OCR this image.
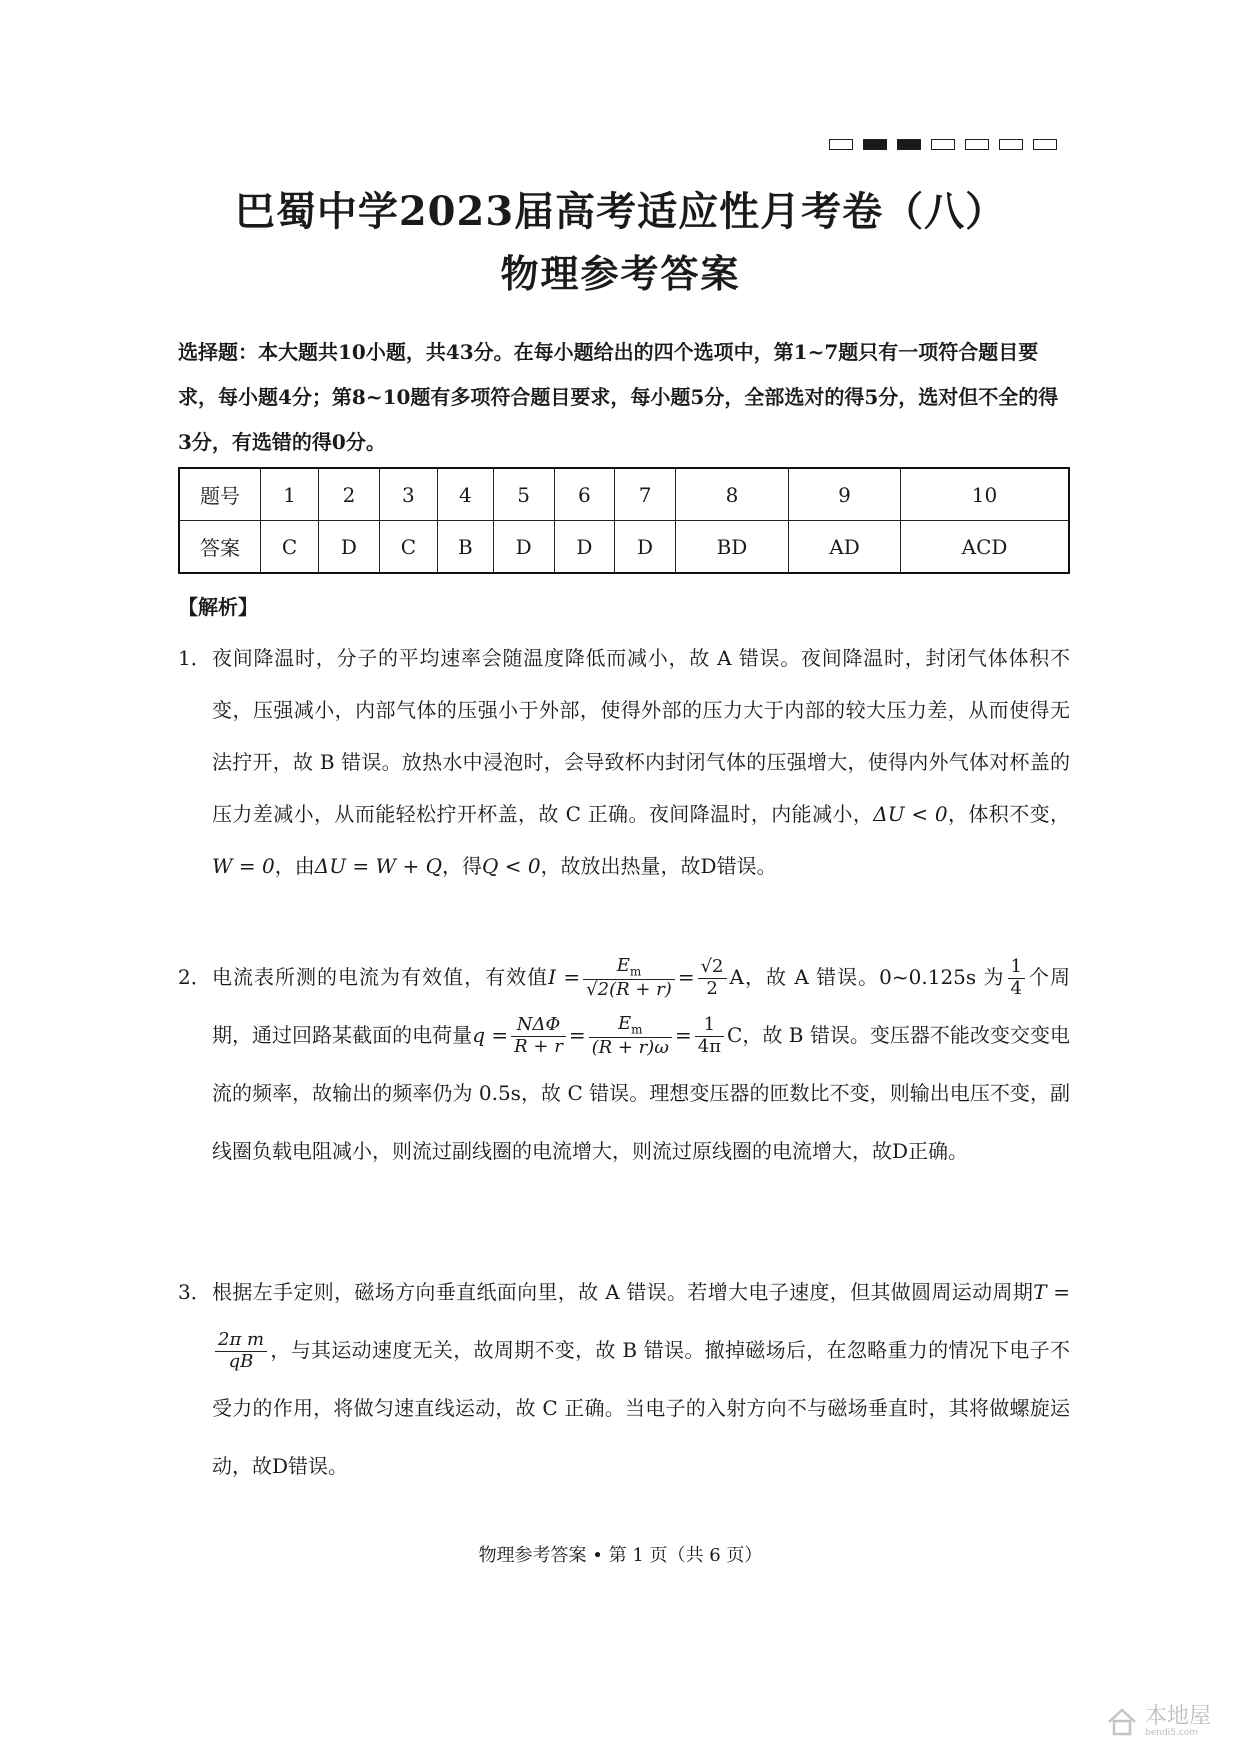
巴蜀中学2023届高考适应性月考卷（八）
物理参考答案
选择题：本大题共10小题，共43分。在每小题给出的四个选项中，第1~7题只有一项符合题目要求，每小题4分；第8~10题有多项符合题目要求，每小题5分，全部选对的得5分，选对但不全的得3分，有选错的得0分。
题号	1	2	3	4	5	6	7	8	9	10
答案	C	D	C	B	D	D	D	BD	AD	ACD
【解析】
1． 夜间降温时，分子的平均速率会随温度降低而减小，故 A 错误。夜间降温时，封闭气体体积不变，压强减小，内部气体的压强小于外部，使得外部的压力大于内部的较大压力差，从而使得无法拧开，故 B 错误。放热水中浸泡时，会导致杯内封闭气体的压强增大，使得内外气体对杯盖的压力差减小，从而能轻松拧开杯盖，故 C 正确。夜间降温时，内能减小，ΔU < 0，体积不变，W = 0，由ΔU = W + Q，得Q < 0，故放出热量，故D错误。
2． 电流表所测的电流为有效值，有效值$I = \frac{E_m}{√2(R + r)} = \frac{√2}{2}$ A，故 A 错误。0~0.125s 为 $\frac{1}{4}$ 个周期，通过回路某截面的电荷量$q = \frac{\text{NΔΦ}}{R + r} = \frac{E_m}{(R + r)\omega} = \frac{1}{4\pi}$ C，故 B 错误。变压器不能改变交变电流的频率，故输出的频率仍为 0.5s，故 C 错误。理想变压器的匝数比不变，则输出电压不变，副线圈负载电阻减小，则流过副线圈的电流增大，则流过原线圈的电流增大，故D正确。
3． 根据左手定则，磁场方向垂直纸面向里，故 A 错误。若增大电子速度，但其做圆周运动周期T =
$\frac{\text{2π m}}{qB}$ ，与其运动速度无关，故周期不变，故 B 错误。撤掉磁场后，在忽略重力的情况下电子不受力的作用，将做匀速直线运动，故 C 正确。当电子的入射方向不与磁场垂直时，其将做螺旋运动，故D错误。
物理参考答案 • 第 1 页（共 6 页）
本地屋
bendi5.com
